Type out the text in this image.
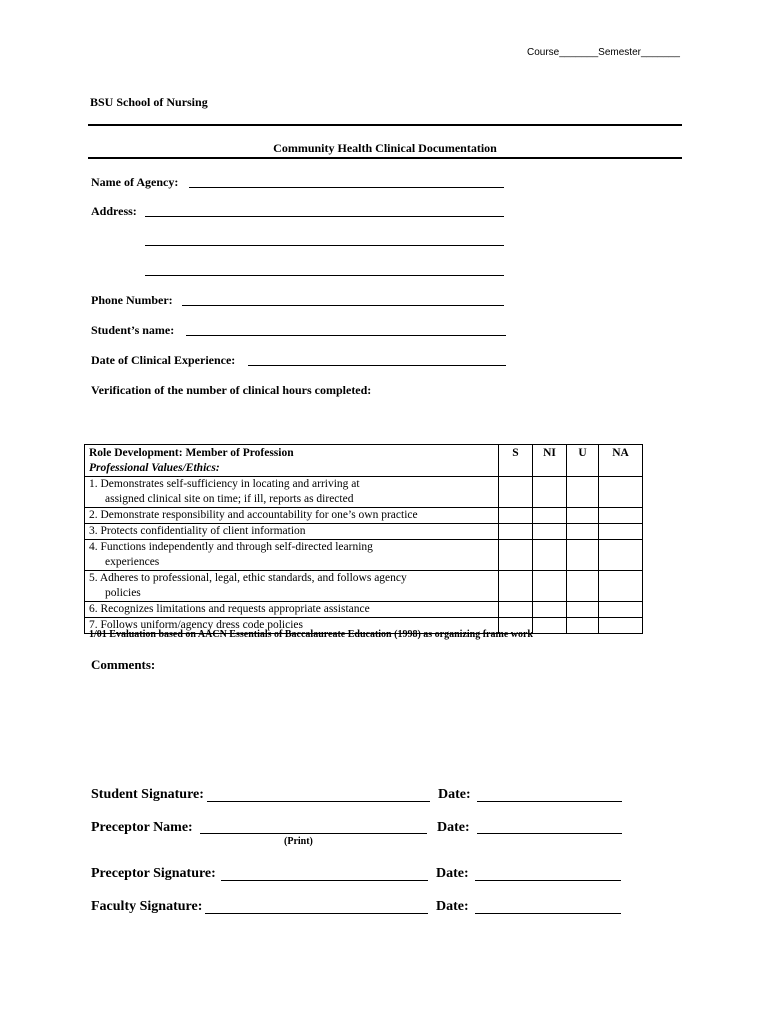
Course_______Semester_______
BSU School of Nursing
Community Health Clinical Documentation
Name of Agency:
Address:
Phone Number:
Student’s name:
Date of Clinical Experience:
Verification of the number of clinical hours completed:
Role Development: Member of Profession
Professional Values/Ethics:	S	NI	U	NA

1. Demonstrates self-sufficiency in locating and arriving at
assigned clinical site on time; if ill, reports as directed				

2. Demonstrate responsibility and accountability for one’s own practice				
3. Protects confidentiality of client information				

4. Functions independently and through self-directed learning
experiences				

5. Adheres to professional, legal, ethic standards, and follows agency
policies				

6. Recognizes limitations and requests appropriate assistance				
7. Follows uniform/agency dress code policies				
1/01 Evaluation based on AACN Essentials of Baccalaureate Education (1998) as organizing frame work
Comments:
Student Signature:	Date:
Preceptor Name:	Date:
(Print)
Preceptor Signature:	Date:
Faculty Signature:	Date:
